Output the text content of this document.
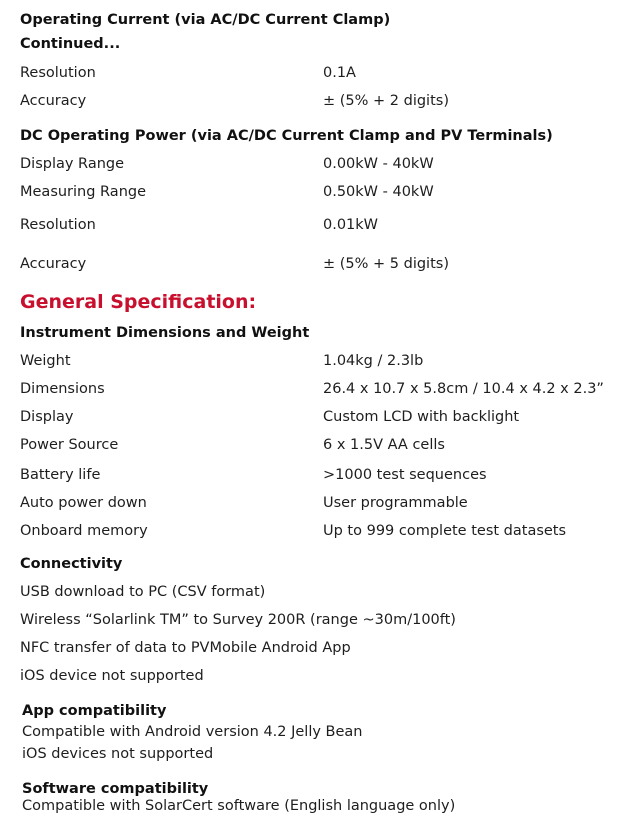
Operating Current (via AC/DC Current Clamp)
Continued...
Resolution	0.1A
Accuracy	± (5% + 2 digits)
DC Operating Power (via AC/DC Current Clamp and PV Terminals)
Display Range	0.00kW - 40kW
Measuring Range	0.50kW - 40kW
Resolution	0.01kW
Accuracy	± (5% + 5 digits)
General Specification:
Instrument Dimensions and Weight
Weight	1.04kg / 2.3lb
Dimensions	26.4 x 10.7 x 5.8cm / 10.4 x 4.2 x 2.3”
Display	Custom LCD with backlight
Power Source	6 x 1.5V AA cells
Battery life	>1000 test sequences
Auto power down	User programmable
Onboard memory	Up to 999 complete test datasets
Connectivity
USB download to PC (CSV format)
Wireless “Solarlink TM” to Survey 200R (range ~30m/100ft)
NFC transfer of data to PVMobile Android App
iOS device not supported
App compatibility
Compatible with Android version 4.2 Jelly Bean
iOS devices not supported
Software compatibility
Compatible with SolarCert software (English language only)
